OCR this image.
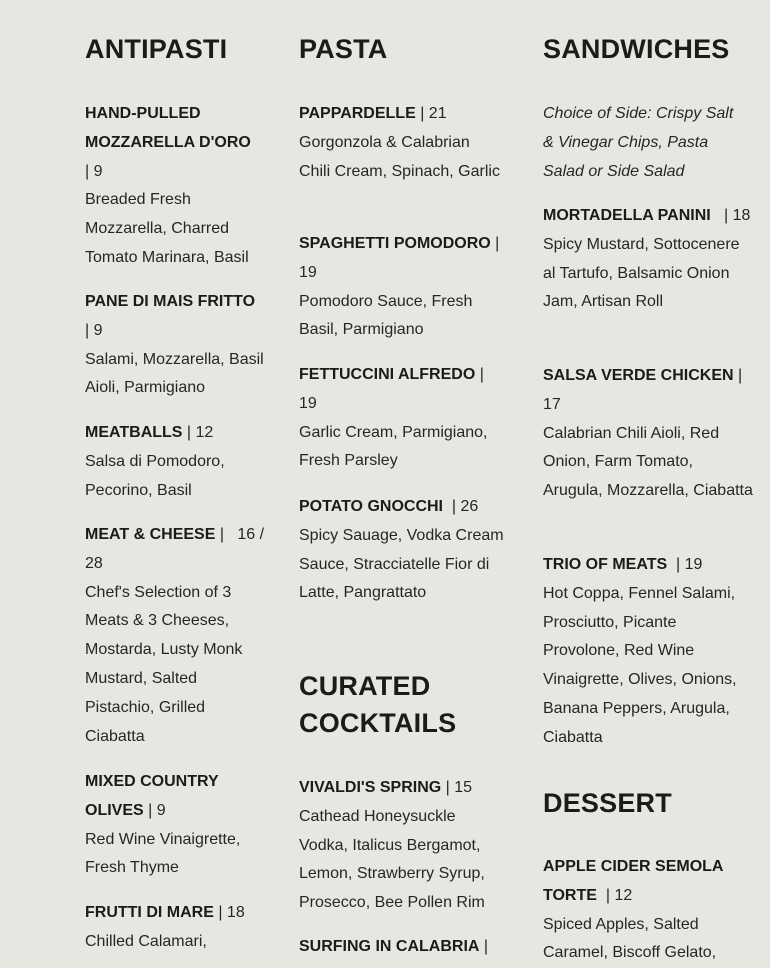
ANTIPASTI
HAND-PULLED MOZZARELLA D'ORO
| 9
Breaded Fresh Mozzarella, Charred Tomato Marinara, Basil
PANE DI MAIS FRITTO
| 9
Salami, Mozzarella, Basil Aioli, Parmigiano
MEATBALLS | 12
Salsa di Pomodoro, Pecorino, Basil
MEAT & CHEESE |   16 / 28
Chef's Selection of 3 Meats & 3 Cheeses, Mostarda, Lusty Monk Mustard, Salted Pistachio, Grilled Ciabatta
MIXED COUNTRY OLIVES | 9
Red Wine Vinaigrette, Fresh Thyme
FRUTTI DI MARE | 18
Chilled Calamari,
PASTA
PAPPARDELLE | 21
Gorgonzola & Calabrian Chili Cream, Spinach, Garlic
SPAGHETTI POMODORO | 19
Pomodoro Sauce, Fresh Basil, Parmigiano
FETTUCCINI ALFREDO | 19
Garlic Cream, Parmigiano, Fresh Parsley
POTATO GNOCCHI  | 26
Spicy Sauage, Vodka Cream Sauce, Stracciatelle Fior di Latte, Pangrattato
CURATED COCKTAILS
VIVALDI'S SPRING | 15
Cathead Honeysuckle Vodka, Italicus Bergamot, Lemon, Strawberry Syrup, Prosecco, Bee Pollen Rim
SURFING IN CALABRIA |
SANDWICHES
Choice of Side: Crispy Salt & Vinegar Chips, Pasta Salad or Side Salad
MORTADELLA PANINI   | 18
Spicy Mustard, Sottocenere al Tartufo, Balsamic Onion Jam, Artisan Roll
SALSA VERDE CHICKEN | 17
Calabrian Chili Aioli, Red Onion, Farm Tomato, Arugula, Mozzarella, Ciabatta
TRIO OF MEATS  | 19
Hot Coppa, Fennel Salami, Prosciutto, Picante Provolone, Red Wine Vinaigrette, Olives, Onions, Banana Peppers, Arugula, Ciabatta
DESSERT
APPLE CIDER SEMOLA TORTE  | 12
Spiced Apples, Salted Caramel, Biscoff Gelato,
